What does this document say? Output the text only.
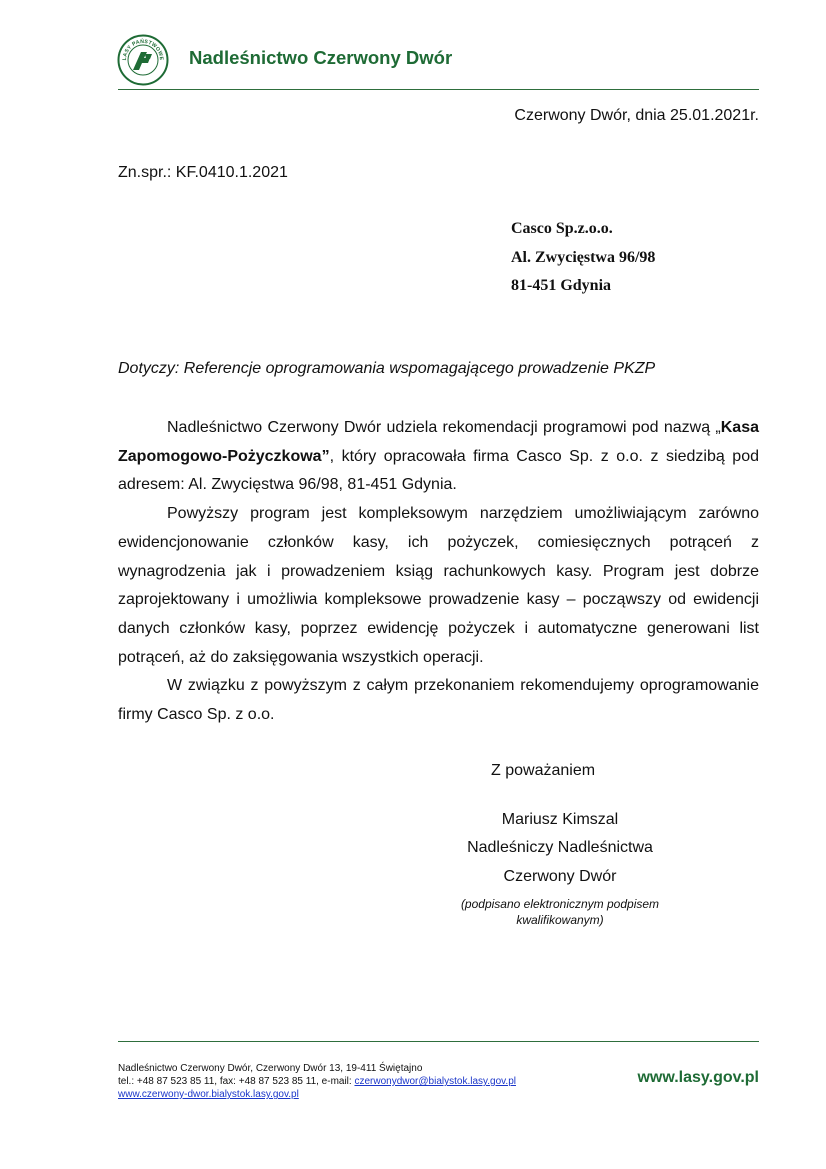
LASY PAŃSTWOWE Nadleśnictwo Czerwony Dwór
Czerwony Dwór, dnia 25.01.2021r.
Zn.spr.: KF.0410.1.2021
Casco Sp.z.o.o.
Al. Zwycięstwa 96/98
81-451 Gdynia
Dotyczy: Referencje oprogramowania wspomagającego prowadzenie PKZP

Nadleśnictwo Czerwony Dwór udziela rekomendacji programowi pod nazwą „Kasa Zapomogowo-Pożyczkowa”, który opracowała firma Casco Sp. z o.o. z siedzibą pod adresem: Al. Zwycięstwa 96/98, 81-451 Gdynia.

Powyższy program jest kompleksowym narzędziem umożliwiającym zarówno ewidencjonowanie członków kasy, ich pożyczek, comiesięcznych potrąceń z wynagrodzenia jak i prowadzeniem ksiąg rachunkowych kasy. Program jest dobrze zaprojektowany i umożliwia kompleksowe prowadzenie kasy – począwszy od ewidencji danych członków kasy, poprzez ewidencję pożyczek i automatyczne generowani list potrąceń, aż do zaksięgowania wszystkich operacji.

W związku z powyższym z całym przekonaniem rekomendujemy oprogramowanie firmy Casco Sp. z o.o.

Z poważaniem
Mariusz Kimszal
Nadleśniczy Nadleśnictwa
Czerwony Dwór
(podpisano elektronicznym podpisem kwalifikowanym)
Nadleśnictwo Czerwony Dwór, Czerwony Dwór 13, 19-411 Świętajno
tel.: +48 87 523 85 11, fax: +48 87 523 85 11, e-mail: czerwonydwor@bialystok.lasy.gov.pl
www.czerwony-dwor.bialystok.lasy.gov.pl
www.lasy.gov.pl
